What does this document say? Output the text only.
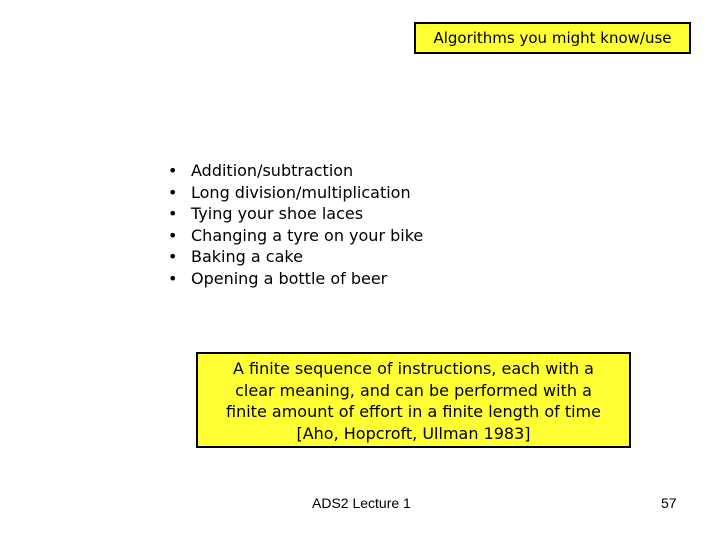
Algorithms you might know/use
• Addition/subtraction
• Long division/multiplication
• Tying your shoe laces
• Changing a tyre on your bike
• Baking a cake
• Opening a bottle of beer
A finite sequence of instructions, each with a
clear meaning, and can be performed with a
finite amount of effort in a finite length of time
[Aho, Hopcroft, Ullman 1983]
ADS2 Lecture 1	57
